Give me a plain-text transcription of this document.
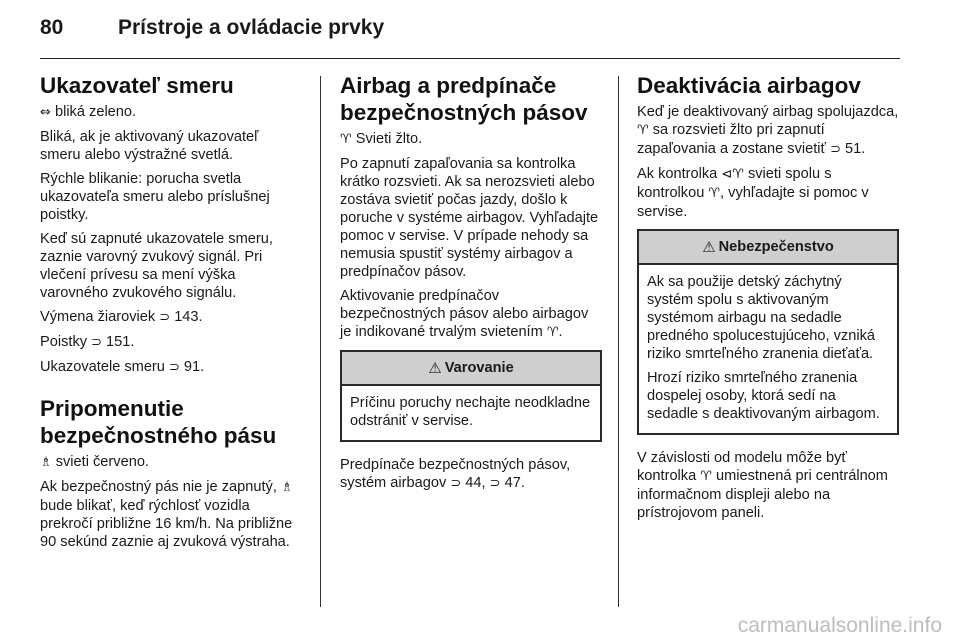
80	Prístroje a ovládacie prvky
Ukazovateľ smeru

⇔ bliká zeleno.

Bliká, ak je aktivovaný ukazovateľ smeru alebo výstražné svetlá.

Rýchle blikanie: porucha svetla ukazovateľa smeru alebo príslušnej poistky.

Keď sú zapnuté ukazovatele smeru, zaznie varovný zvukový signál. Pri vlečení prívesu sa mení výška varovného zvukového signálu.

Výmena žiaroviek ⊃ 143.

Poistky ⊃ 151.

Ukazovatele smeru ⊃ 91.

Pripomenutie bezpečnostného pásu

♗ svieti červeno.

Ak bezpečnostný pás nie je zapnutý, ♗ bude blikať, keď rýchlosť vozidla prekročí približne 16 km/h. Na približne 90 sekúnd zaznie aj zvuková výstraha.

Airbag a predpínače bezpečnostných pásov

♈ Svieti žlto.

Po zapnutí zapaľovania sa kontrolka krátko rozsvieti. Ak sa nerozsvieti alebo zostáva svietiť počas jazdy, došlo k poruche v systéme airbagov. Vyhľadajte pomoc v servise. V prípade nehody sa nemusia spustiť systémy airbagov a predpínačov pásov.

Aktivovanie predpínačov bezpečnostných pásov alebo airbagov je indikované trvalým svietením ♈.

⚠ Varovanie

Príčinu poruchy nechajte neodkladne odstrániť v servise.

Predpínače bezpečnostných pásov, systém airbagov ⊃ 44, ⊃ 47.

Deaktivácia airbagov

Keď je deaktivovaný airbag spolujazdca, ♈ sa rozsvieti žlto pri zapnutí zapaľovania a zostane svietiť ⊃ 51.

Ak kontrolka ⊲♈ svieti spolu s kontrolkou ♈, vyhľadajte si pomoc v servise.

⚠ Nebezpečenstvo

Ak sa použije detský záchytný systém spolu s aktivovaným systémom airbagu na sedadle predného spolucestujúceho, vzniká riziko smrteľného zranenia dieťaťa.

Hrozí riziko smrteľného zranenia dospelej osoby, ktorá sedí na sedadle s deaktivovaným airbagom.

V závislosti od modelu môže byť kontrolka ♈ umiestnená pri centrálnom informačnom displeji alebo na prístrojovom paneli.

carmanualsonline.info
